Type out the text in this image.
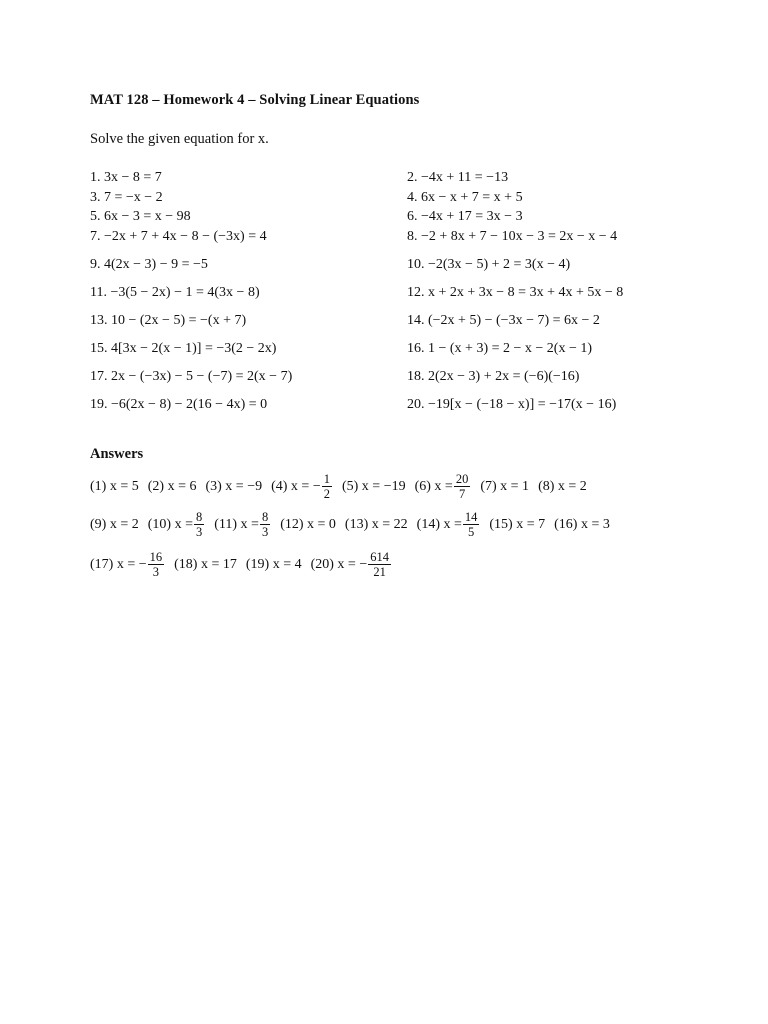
MAT 128 – Homework 4 – Solving Linear Equations
Solve the given equation for x.
1. 3x − 8 = 7	2. −4x + 11 = −13
3. 7 = −x − 2	4. 6x − x + 7 = x + 5
5. 6x − 3 = x − 98	6. −4x + 17 = 3x − 3
7. −2x + 7 + 4x − 8 − (−3x) = 4	8. −2 + 8x + 7 − 10x − 3 = 2x − x − 4
9. 4(2x − 3) − 9 = −5	10. −2(3x − 5) + 2 = 3(x − 4)
11. −3(5 − 2x) − 1 = 4(3x − 8)	12. x + 2x + 3x − 8 = 3x + 4x + 5x − 8
13. 10 − (2x − 5) = −(x + 7)	14. (−2x + 5) − (−3x − 7) = 6x − 2
15. 4[3x − 2(x − 1)] = −3(2 − 2x)	16. 1 − (x + 3) = 2 − x − 2(x − 1)
17. 2x − (−3x) − 5 − (−7) = 2(x − 7)	18. 2(2x − 3) + 2x = (−6)(−16)
19. −6(2x − 8) − 2(16 − 4x) = 0	20. −19[x − (−18 − x)] = −17(x − 16)
Answers
(1)
x = 5 (2)
x = 6 (3)
x = −9 (4)
x = − $\frac{1}{2} (5)$
x = −19 (6)
$x = \frac{20}{7} (7)$
x = 1 (8)
x = 2
(9)
x = 2 (10)
$x = \frac{8}{3} (11)$
$x = \frac{8}{3} (12)$
x = 0 (13)
x = 22 (14)
$x = \frac{14}{5} (15)$
x = 7 (16)
x = 3
(17)
x = − $\frac{16}{3} (18)$
x = 17 (19)
x = 4 (20)
x = − $\frac{614}{21}$
